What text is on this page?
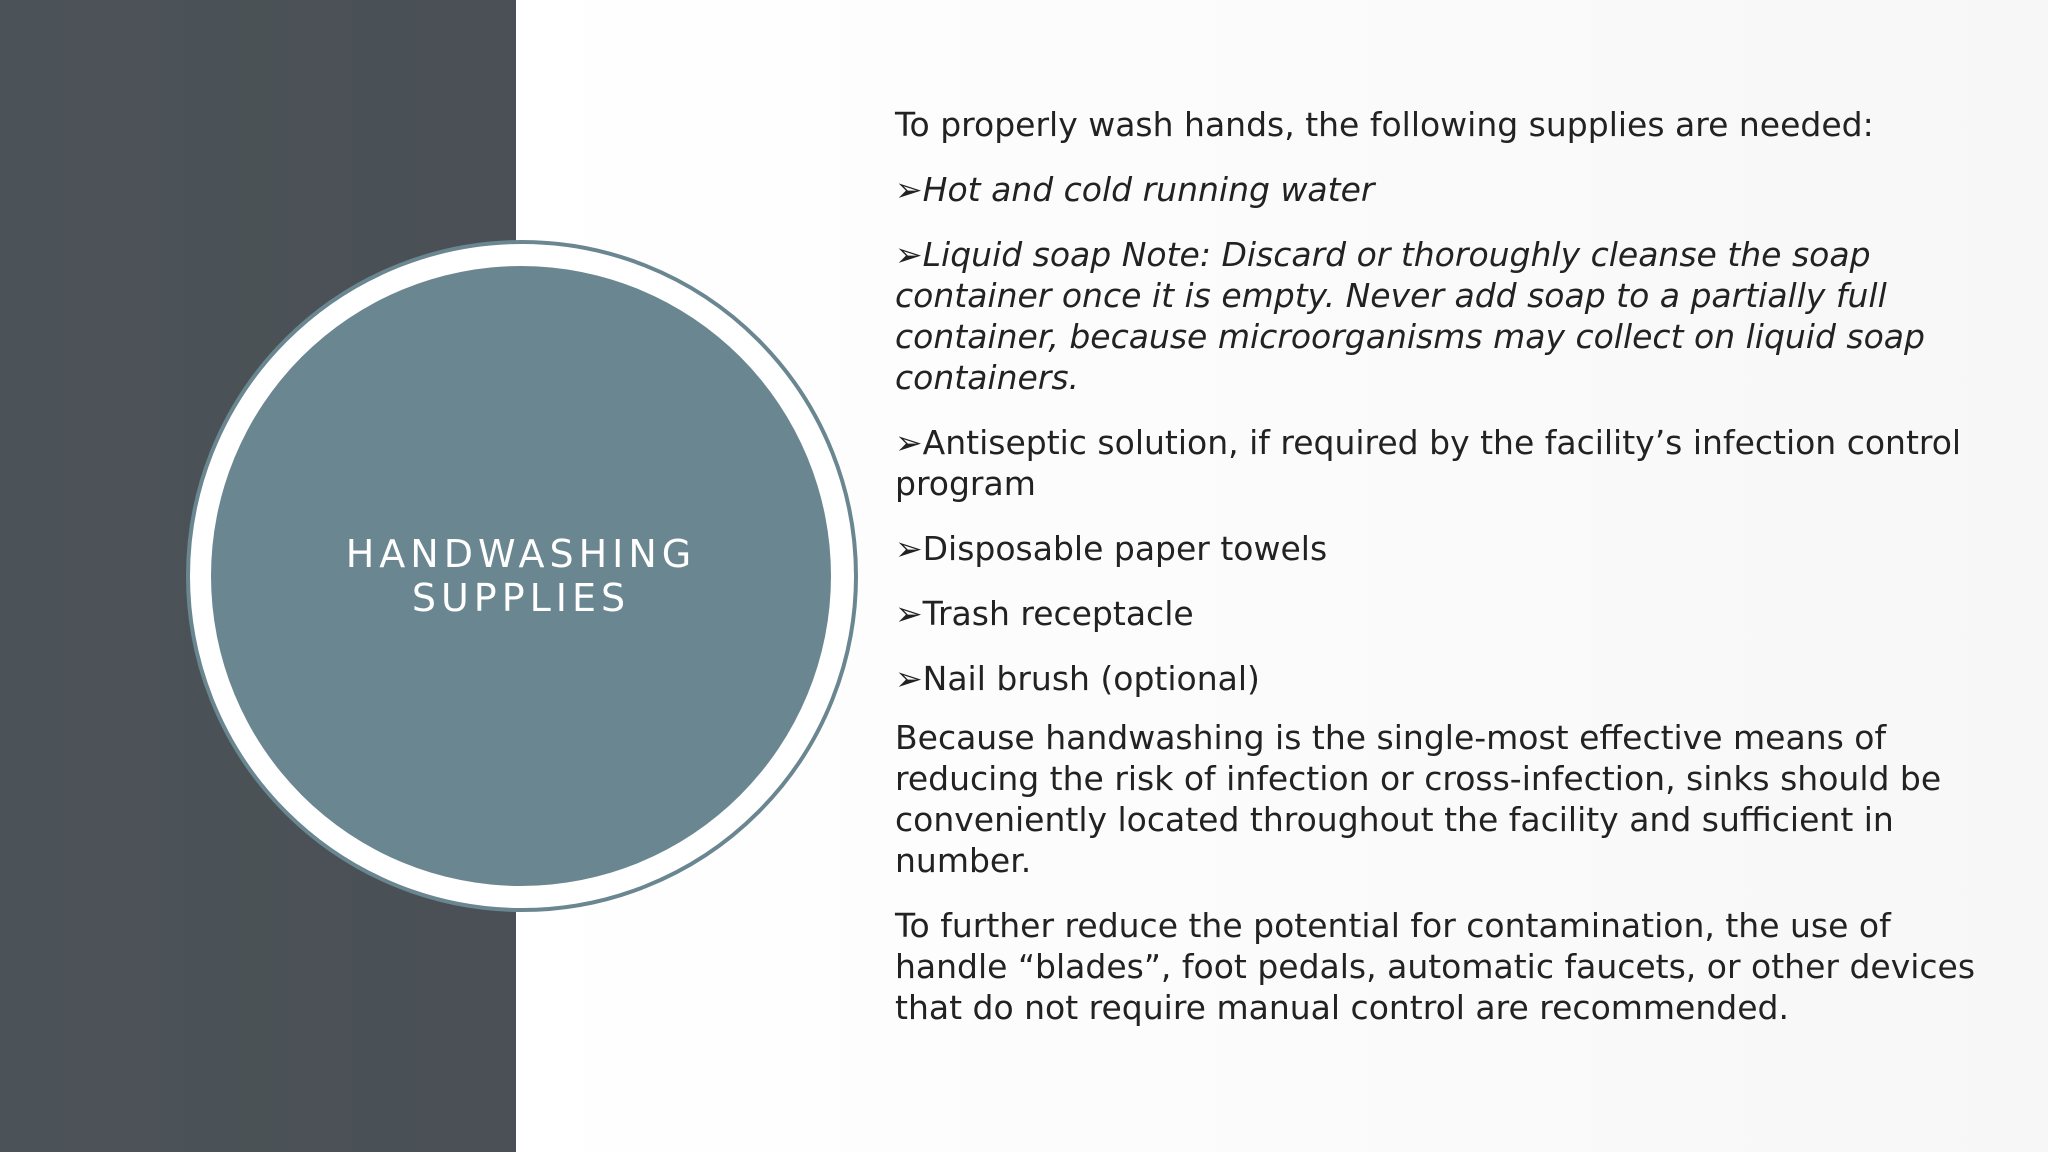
HANDWASHING SUPPLIES

To properly wash hands, the following supplies are needed:

➢Hot and cold running water

➢Liquid soap Note: Discard or thoroughly cleanse the soap container once it is empty. Never add soap to a partially full container, because microorganisms may collect on liquid soap containers.

➢Antiseptic solution, if required by the facility’s infection control program

➢Disposable paper towels

➢Trash receptacle

➢Nail brush (optional)

Because handwashing is the single-most effective means of reducing the risk of infection or cross-infection, sinks should be conveniently located throughout the facility and sufficient in number.

To further reduce the potential for contamination, the use of handle “blades”, foot pedals, automatic faucets, or other devices that do not require manual control are recommended.
